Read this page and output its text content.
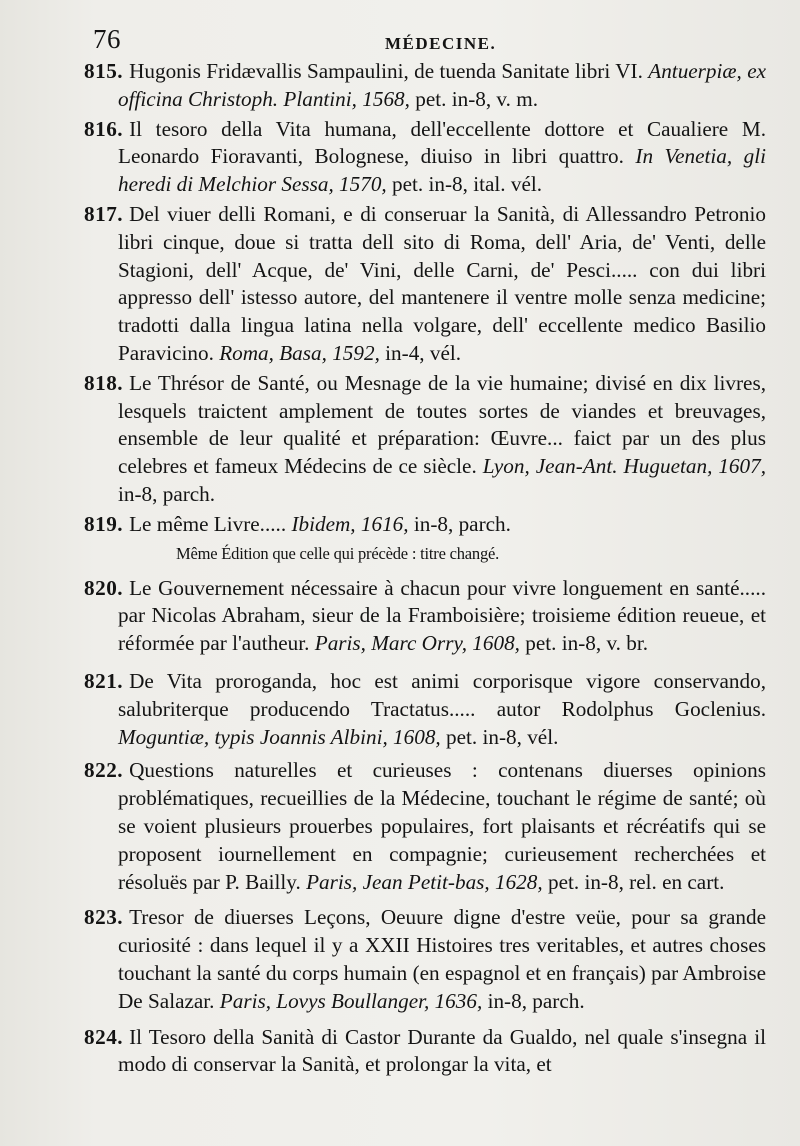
76	MÉDECINE.

815. Hugonis Fridævallis Sampaulini, de tuenda Sanitate libri VI. Antuerpiæ, ex officina Christoph. Plantini, 1568, pet. in-8, v. m.

816. Il tesoro della Vita humana, dell'eccellente dottore et Caualiere M. Leonardo Fioravanti, Bolognese, diuiso in libri quattro. In Venetia, gli heredi di Melchior Sessa, 1570, pet. in-8, ital. vél.

817. Del viuer delli Romani, e di conseruar la Sanità, di Allessandro Petronio libri cinque, doue si tratta dell sito di Roma, dell' Aria, de' Venti, delle Stagioni, dell' Acque, de' Vini, delle Carni, de' Pesci..... con dui libri appresso dell' istesso autore, del mantenere il ventre molle senza medicine; tradotti dalla lingua latina nella volgare, dell' eccellente medico Basilio Paravicino. Roma, Basa, 1592, in-4, vél.

818. Le Thrésor de Santé, ou Mesnage de la vie humaine; divisé en dix livres, lesquels traictent amplement de toutes sortes de viandes et breuvages, ensemble de leur qualité et préparation: Œuvre... faict par un des plus celebres et fameux Médecins de ce siècle. Lyon, Jean-Ant. Huguetan, 1607, in-8, parch.

819. Le même Livre..... Ibidem, 1616, in-8, parch.

Même Édition que celle qui précède : titre changé.

820. Le Gouvernement nécessaire à chacun pour vivre longuement en santé..... par Nicolas Abraham, sieur de la Framboisière; troisieme édition reueue, et réformée par l'autheur. Paris, Marc Orry, 1608, pet. in-8, v. br.

821. De Vita proroganda, hoc est animi corporisque vigore conservando, salubriterque producendo Tractatus..... autor Rodolphus Goclenius. Moguntiæ, typis Joannis Albini, 1608, pet. in-8, vél.

822. Questions naturelles et curieuses : contenans diuerses opinions problématiques, recueillies de la Médecine, touchant le régime de santé; où se voient plusieurs prouerbes populaires, fort plaisants et récréatifs qui se proposent iournellement en compagnie; curieusement recherchées et résoluës par P. Bailly. Paris, Jean Petit-bas, 1628, pet. in-8, rel. en cart.

823. Tresor de diuerses Leçons, Oeuure digne d'estre veüe, pour sa grande curiosité : dans lequel il y a XXII Histoires tres veritables, et autres choses touchant la santé du corps humain (en espagnol et en français) par Ambroise De Salazar. Paris, Lovys Boullanger, 1636, in-8, parch.

824. Il Tesoro della Sanità di Castor Durante da Gualdo, nel quale s'insegna il modo di conservar la Sanità, et prolongar la vita, et
